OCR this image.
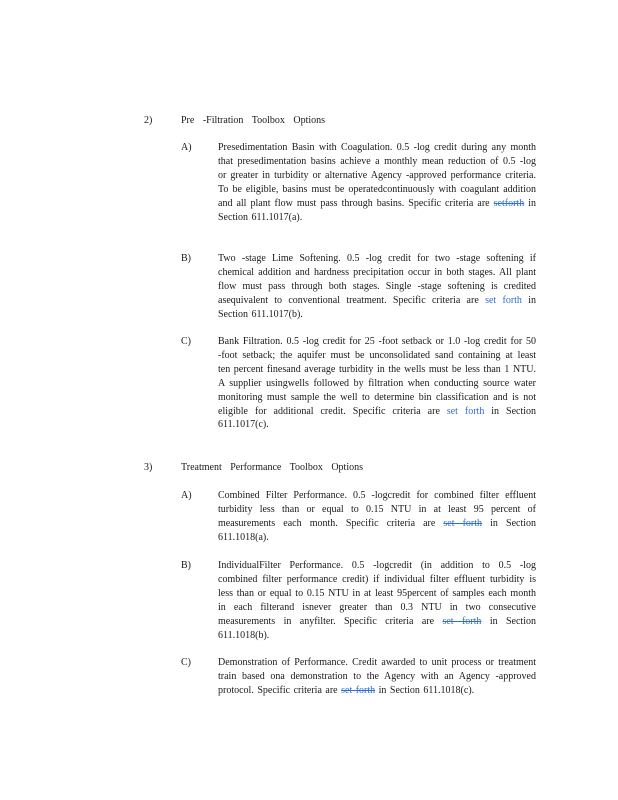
2)	Pre -Filtration Toolbox Options
A)	Presedimentation Basin with Coagulation. 0.5 -log credit during any month that presedimentation basins achieve a monthly mean reduction of 0.5 -log or greater in turbidity or alternative Agency -approved performance criteria. To be eligible, basins must be operatedcontinuously with coagulant addition and all plant flow must pass through basins. Specific criteria are setforth in Section 611.1017(a).
B)	Two -stage Lime Softening. 0.5 -log credit for two -stage softening if chemical addition and hardness precipitation occur in both stages. All plant flow must pass through both stages. Single -stage softening is credited asequivalent to conventional treatment. Specific criteria are set forth in Section 611.1017(b).
C)	Bank Filtration. 0.5 -log credit for 25 -foot setback or 1.0 -log credit for 50 -foot setback; the aquifer must be unconsolidated sand containing at least ten percent finesand average turbidity in the wells must be less than 1 NTU. A supplier usingwells followed by filtration when conducting source water monitoring must sample the well to determine bin classification and is not eligible for additional credit. Specific criteria are set forth in Section 611.1017(c).
3)	Treatment Performance Toolbox Options
A)	Combined Filter Performance. 0.5 -logcredit for combined filter effluent turbidity less than or equal to 0.15 NTU in at least 95 percent of measurements each month. Specific criteria are set forth in Section 611.1018(a).
B)	IndividualFilter Performance. 0.5 -logcredit (in addition to 0.5 -log combined filter performance credit) if individual filter effluent turbidity is less than or equal to 0.15 NTU in at least 95percent of samples each month in each filterand isnever greater than 0.3 NTU in two consecutive measurements in anyfilter. Specific criteria are set forth in Section 611.1018(b).
C)	Demonstration of Performance. Credit awarded to unit process or treatment train based ona demonstration to the Agency with an Agency -approved protocol. Specific criteria are set forth in Section 611.1018(c).
